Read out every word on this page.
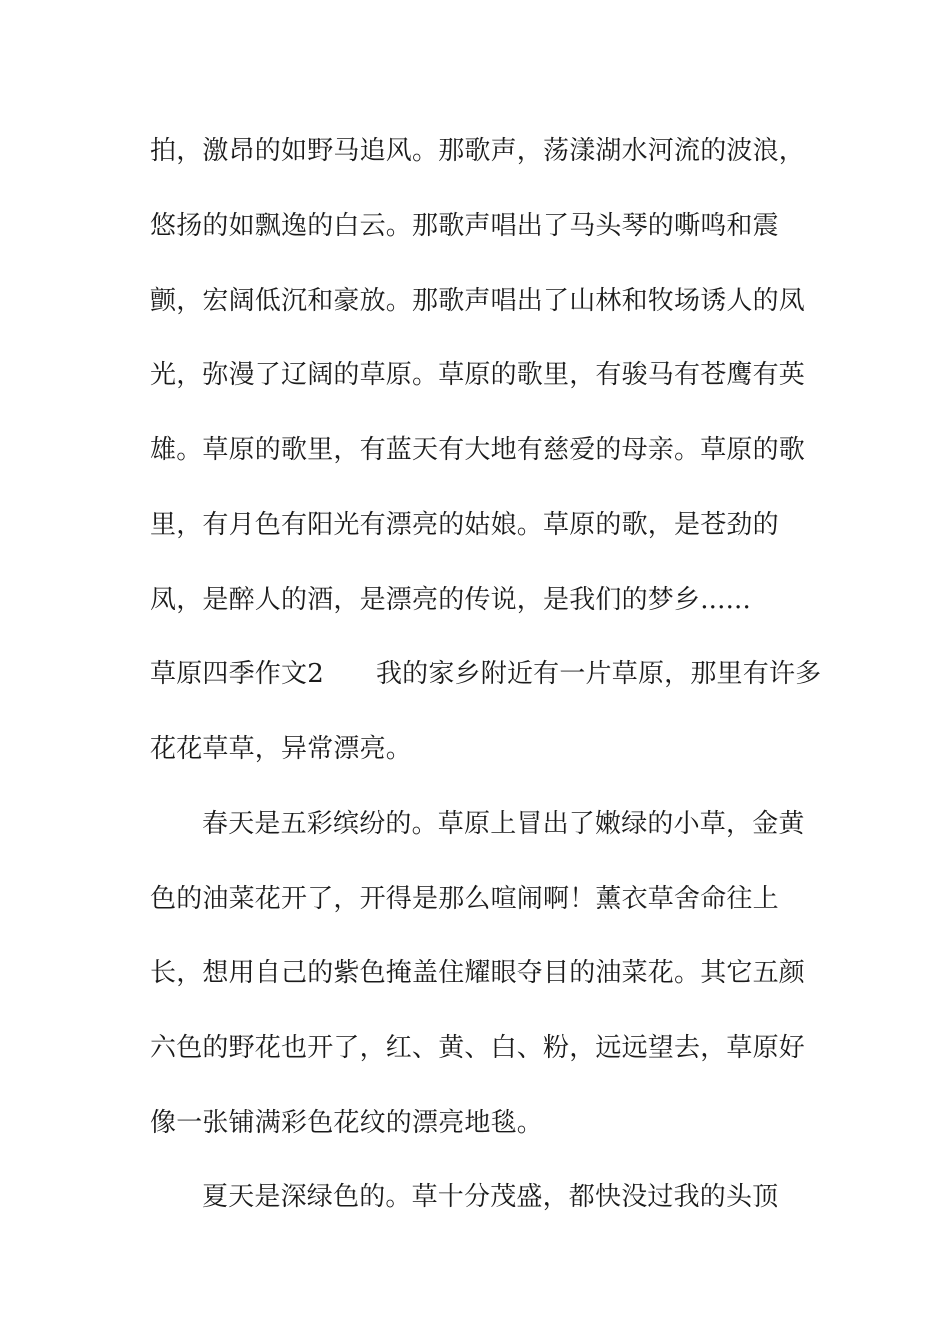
拍，激昂的如野马追风。那歌声，荡漾湖水河流的波浪，
悠扬的如飘逸的白云。那歌声唱出了马头琴的嘶鸣和震
颤，宏阔低沉和豪放。那歌声唱出了山林和牧场诱人的凤
光，弥漫了辽阔的草原。草原的歌里，有骏马有苍鹰有英
雄。草原的歌里，有蓝天有大地有慈爱的母亲。草原的歌
里，有月色有阳光有漂亮的姑娘。草原的歌，是苍劲的
凤，是醉人的酒，是漂亮的传说，是我们的梦乡......
草原四季作文2 我的家乡附近有一片草原，那里有许多
花花草草，异常漂亮。
春天是五彩缤纷的。草原上冒出了嫩绿的小草，金黄
色的油菜花开了，开得是那么喧闹啊！薰衣草舍命往上
长，想用自己的紫色掩盖住耀眼夺目的油菜花。其它五颜
六色的野花也开了，红、黄、白、粉，远远望去，草原好
像一张铺满彩色花纹的漂亮地毯。
夏天是深绿色的。草十分茂盛，都快没过我的头顶
